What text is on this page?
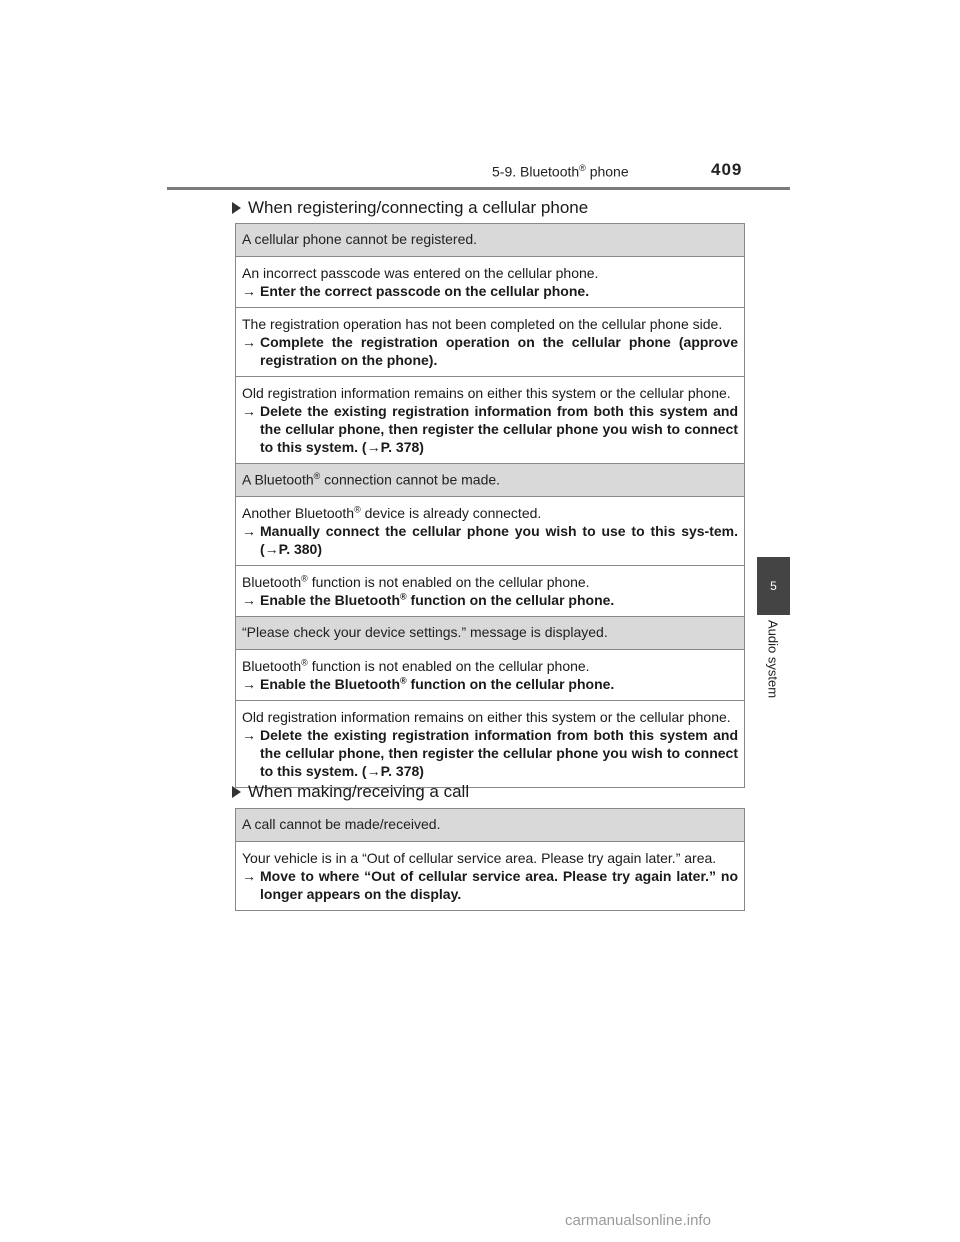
5-9. Bluetooth® phone	409
5
Audio system
When registering/connecting a cellular phone
A cellular phone cannot be registered.
An incorrect passcode was entered on the cellular phone.
→ Enter the correct passcode on the cellular phone.
The registration operation has not been completed on the cellular phone side.
→ Complete the registration operation on the cellular phone (approve registration on the phone).
Old registration information remains on either this system or the cellular phone.
→ Delete the existing registration information from both this system and the cellular phone, then register the cellular phone you wish to connect to this system. (→P. 378)
A Bluetooth® connection cannot be made.
Another Bluetooth® device is already connected.
→ Manually connect the cellular phone you wish to use to this sys-tem. (→P. 380)
Bluetooth® function is not enabled on the cellular phone.
→ Enable the Bluetooth® function on the cellular phone.
“Please check your device settings.” message is displayed.
Bluetooth® function is not enabled on the cellular phone.
→ Enable the Bluetooth® function on the cellular phone.
Old registration information remains on either this system or the cellular phone.
→ Delete the existing registration information from both this system and the cellular phone, then register the cellular phone you wish to connect to this system. (→P. 378)
When making/receiving a call
A call cannot be made/received.
Your vehicle is in a “Out of cellular service area. Please try again later.” area.
→ Move to where “Out of cellular service area. Please try again later.” no longer appears on the display.
carmanualsonline.info
